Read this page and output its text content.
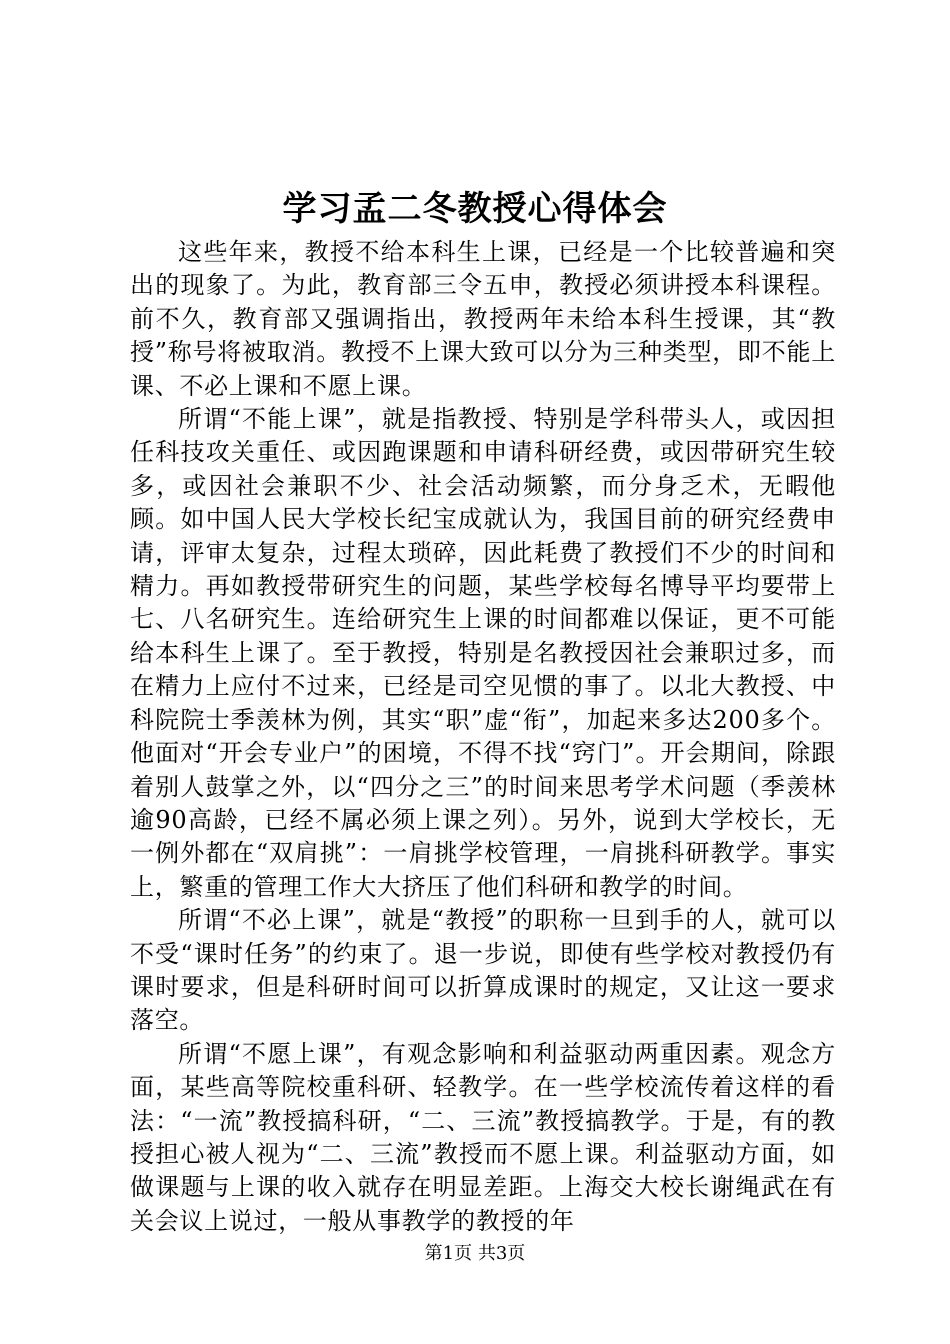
学习孟二冬教授心得体会

这些年来，教授不给本科生上课，已经是一个比较普遍和突出的现象了。为此，教育部三令五申，教授必须讲授本科课程。前不久，教育部又强调指出，教授两年未给本科生授课，其“教授”称号将被取消。教授不上课大致可以分为三种类型，即不能上课、不必上课和不愿上课。

所谓“不能上课”，就是指教授、特别是学科带头人，或因担任科技攻关重任、或因跑课题和申请科研经费，或因带研究生较多，或因社会兼职不少、社会活动频繁，而分身乏术，无暇他顾。如中国人民大学校长纪宝成就认为，我国目前的研究经费申请，评审太复杂，过程太琐碎，因此耗费了教授们不少的时间和精力。再如教授带研究生的问题，某些学校每名博导平均要带上七、八名研究生。连给研究生上课的时间都难以保证，更不可能给本科生上课了。至于教授，特别是名教授因社会兼职过多，而在精力上应付不过来，已经是司空见惯的事了。以北大教授、中科院院士季羡林为例，其实“职”虚“衔”，加起来多达200多个。他面对“开会专业户”的困境，不得不找“窍门”。开会期间，除跟着别人鼓掌之外，以“四分之三”的时间来思考学术问题（季羡林逾90高龄，已经不属必须上课之列）。另外，说到大学校长，无一例外都在“双肩挑”：一肩挑学校管理，一肩挑科研教学。事实上，繁重的管理工作大大挤压了他们科研和教学的时间。

所谓“不必上课”，就是“教授”的职称一旦到手的人，就可以不受“课时任务”的约束了。退一步说，即使有些学校对教授仍有课时要求，但是科研时间可以折算成课时的规定，又让这一要求落空。

所谓“不愿上课”，有观念影响和利益驱动两重因素。观念方面，某些高等院校重科研、轻教学。在一些学校流传着这样的看法：“一流”教授搞科研，“二、三流”教授搞教学。于是，有的教授担心被人视为“二、三流”教授而不愿上课。利益驱动方面，如做课题与上课的收入就存在明显差距。上海交大校长谢绳武在有关会议上说过，一般从事教学的教授的年

第1页 共3页
